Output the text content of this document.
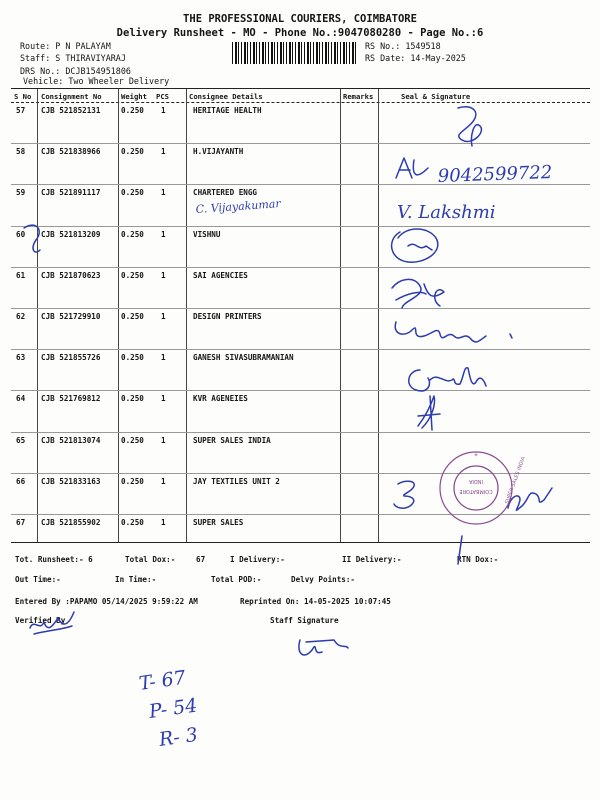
THE PROFESSIONAL COURIERS, COIMBATORE
Delivery Runsheet - MO - Phone No.:9047080280 - Page No.:6
Route: P N PALAYAM
Staff: S THIRAVIYARAJ
DRS No.: DCJB154951806
Vehicle: Two Wheeler Delivery
RS No.: 1549518
RS Date: 14-May-2025
S No Consignment No	Weight PCS	Consignee Details	Remarks	Seal & Signature
57 CJB 521852131	0.250 1	HERITAGE HEALTH
58 CJB 521838966	0.250 1	H.VIJAYANTH
59 CJB 521891117	0.250 1	CHARTERED ENGG
60 CJB 521813209	0.250 1	VISHNU
61 CJB 521870623	0.250 1	SAI AGENCIES
62 CJB 521729910	0.250 1	DESIGN PRINTERS
63 CJB 521855726	0.250 1	GANESH SIVASUBRAMANIAN
64 CJB 521769812	0.250 1	KVR AGENEIES
65 CJB 521813074	0.250 1	SUPER SALES INDIA
66 CJB 521833163	0.250 1	JAY TEXTILES UNIT 2
67 CJB 521855902	0.250 1	SUPER SALES
Tot. Runsheet:- 6	Total Dox:-	67	I Delivery:-	II Delivery:-	RTN Dox:-
Out Time:-	In Time:-	Total POD:-	Delvy Points:-
Entered By :PAPAMO 05/14/2025 9:59:22 AM	Reprinted On: 14-05-2025 10:07:45
Verified By	Staff Signature
9042599722
V. Lakshmi
C. Vijayakumar
T- 67
P- 54
R- 3
*
COIMBATORE
INDIA	SUPER SALES INDIA
